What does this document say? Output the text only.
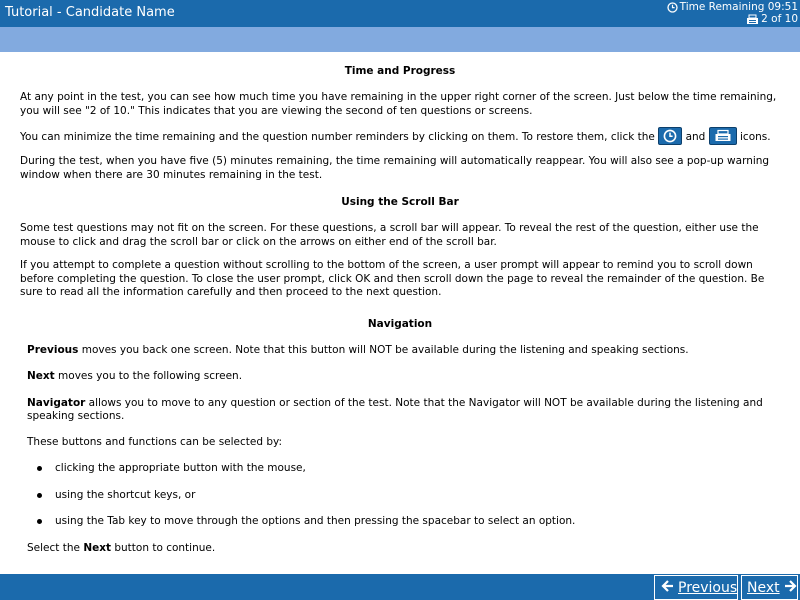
Tutorial - Candidate Name	Time Remaining 09:51
2 of 10
Time and Progress

At any point in the test, you can see how much time you have remaining in the upper right corner of the screen. Just below the time remaining, you will see "2 of 10." This indicates that you are viewing the second of ten questions or screens.

You can minimize the time remaining and the question number reminders by clicking on them. To restore them, click the	and	icons.

During the test, when you have five (5) minutes remaining, the time remaining will automatically reappear. You will also see a pop-up warning window when there are 30 minutes remaining in the test.

Using the Scroll Bar

Some test questions may not fit on the screen. For these questions, a scroll bar will appear. To reveal the rest of the question, either use the mouse to click and drag the scroll bar or click on the arrows on either end of the scroll bar.

If you attempt to complete a question without scrolling to the bottom of the screen, a user prompt will appear to remind you to scroll down before completing the question. To close the user prompt, click OK and then scroll down the page to reveal the remainder of the question. Be sure to read all the information carefully and then proceed to the next question.

Navigation

Previous moves you back one screen. Note that this button will NOT be available during the listening and speaking sections.

Next moves you to the following screen.

Navigator allows you to move to any question or section of the test. Note that the Navigator will NOT be available during the listening and speaking sections.

These buttons and functions can be selected by:

clicking the appropriate button with the mouse,
using the shortcut keys, or
using the Tab key to move through the options and then pressing the spacebar to select an option.

Select the Next button to continue.

Previous Next
